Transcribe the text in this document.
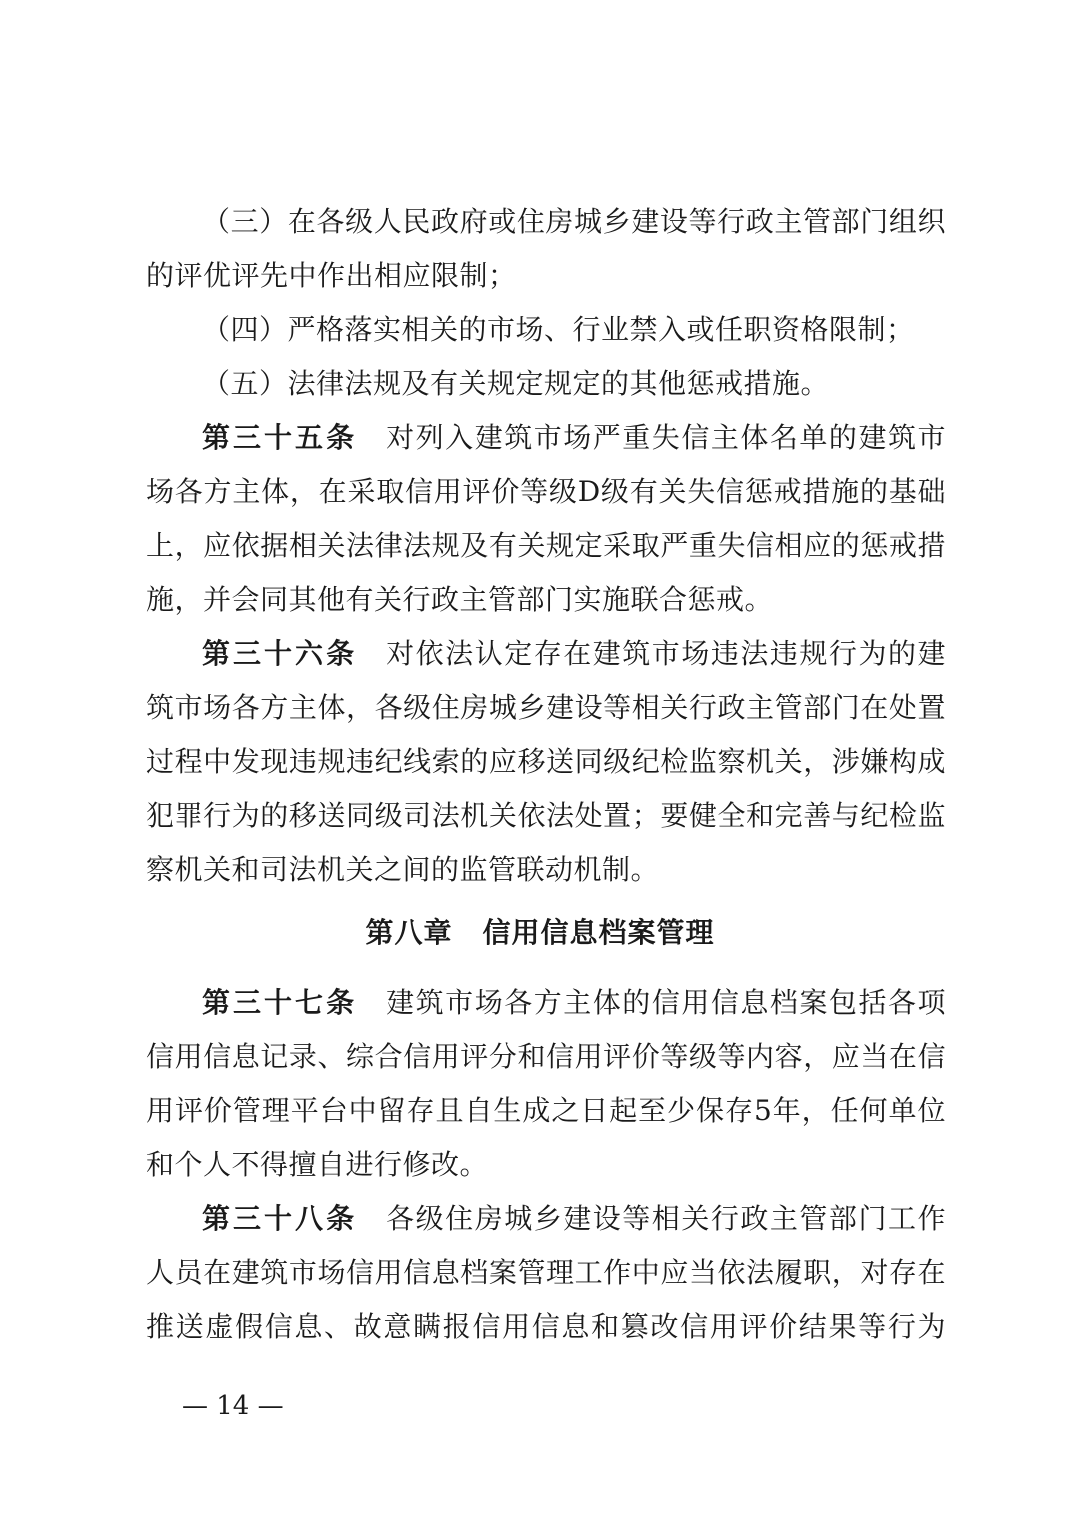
（三）在各级人民政府或住房城乡建设等行政主管部门组织
的评优评先中作出相应限制；
（四）严格落实相关的市场、行业禁入或任职资格限制；
（五）法律法规及有关规定规定的其他惩戒措施。
第三十五条 对列入建筑市场严重失信主体名单的建筑市
场各方主体，在采取信用评价等级D级有关失信惩戒措施的基础
上，应依据相关法律法规及有关规定采取严重失信相应的惩戒措
施，并会同其他有关行政主管部门实施联合惩戒。
第三十六条 对依法认定存在建筑市场违法违规行为的建
筑市场各方主体，各级住房城乡建设等相关行政主管部门在处置
过程中发现违规违纪线索的应移送同级纪检监察机关，涉嫌构成
犯罪行为的移送同级司法机关依法处置；要健全和完善与纪检监
察机关和司法机关之间的监管联动机制。
第八章 信用信息档案管理
第三十七条 建筑市场各方主体的信用信息档案包括各项
信用信息记录、综合信用评分和信用评价等级等内容，应当在信
用评价管理平台中留存且自生成之日起至少保存5年，任何单位
和个人不得擅自进行修改。
第三十八条 各级住房城乡建设等相关行政主管部门工作
人员在建筑市场信用信息档案管理工作中应当依法履职，对存在
推送虚假信息、故意瞒报信用信息和篡改信用评价结果等行为
— 14 —
